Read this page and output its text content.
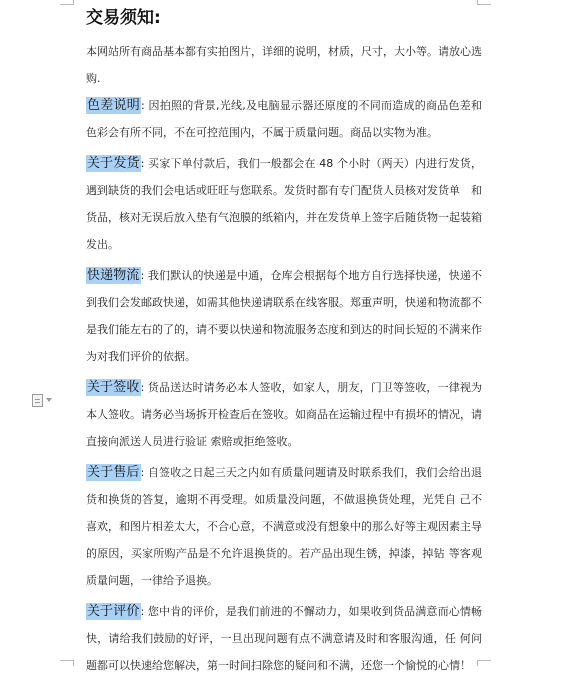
交易须知:

本网站所有商品基本都有实拍图片，详细的说明，材质，尺寸，大小等。请放心选购.

色差说明: 因拍照的背景,光线,及电脑显示器还原度的不同而造成的商品色差和色彩会有所不同，不在可控范围内，不属于质量问题。商品以实物为准。

关于发货: 买家下单付款后，我们一般都会在 48 个小时（两天）内进行发货，遇到缺货的我们会电话或旺旺与您联系。发货时都有专门配货人员核对发货单　和货品，核对无误后放入垫有气泡膜的纸箱内，并在发货单上签字后随货物一起装箱发出。

快递物流: 我们默认的快递是中通，仓库会根据每个地方自行选择快递，快递不到我们会发邮政快递，如需其他快递请联系在线客服。郑重声明，快递和物流都不是我们能左右的了的，请不要以快递和物流服务态度和到达的时间长短的不满来作为对我们评价的依据。

关于签收: 货品送达时请务必本人签收，如家人，朋友，门卫等签收，一律视为本人签收。请务必当场拆开检查后在签收。如商品在运输过程中有损坏的情况，请直接向派送人员进行验证 索赔或拒绝签收。

关于售后: 自签收之日起三天之内如有质量问题请及时联系我们，我们会给出退货和换货的答复，逾期不再受理。如质量没问题，不做退换货处理，光凭自 己不喜欢，和图片相差太大，不合心意，不满意或没有想象中的那么好等主观因素主导的原因，买家所购产品是不允许退换货的。若产品出现生锈，掉漆，掉钻 等客观质量问题，一律给予退换。

关于评价: 您中肯的评价，是我们前进的不懈动力，如果收到货品满意而心情畅快，请给我们鼓励的好评，一旦出现问题有点不满意请及时和客服沟通，任 何问题都可以快速给您解决，第一时间扫除您的疑问和不满，还您一个愉悦的心情！
